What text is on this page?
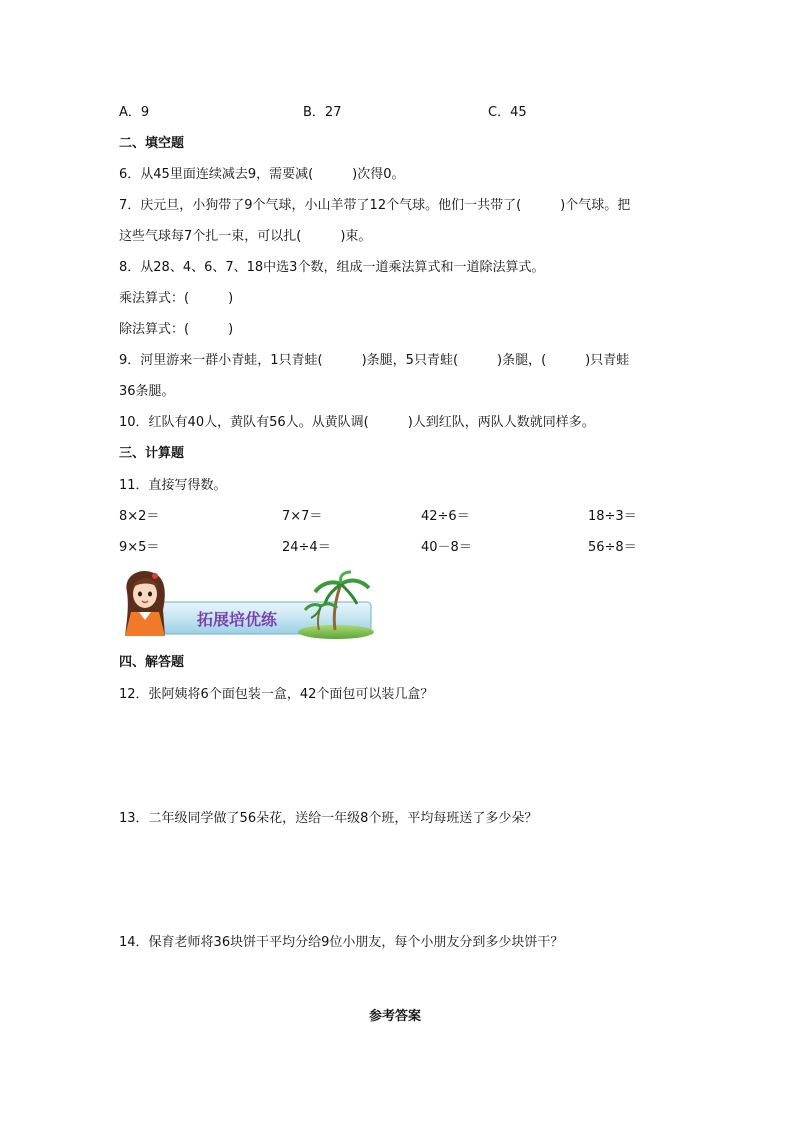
A．9	B．27	C．45
二、填空题
6．从45里面连续减去9，需要减(　　　)次得0。
7．庆元旦，小狗带了9个气球，小山羊带了12个气球。他们一共带了(　　　)个气球。把
这些气球每7个扎一束，可以扎(　　　)束。
8．从28、4、6、7、18中选3个数，组成一道乘法算式和一道除法算式。
乘法算式：(　　　)
除法算式：(　　　)
9．河里游来一群小青蛙，1只青蛙(　　　)条腿，5只青蛙(　　　)条腿，(　　　)只青蛙
36条腿。
10．红队有40人，黄队有56人。从黄队调(　　　)人到红队，两队人数就同样多。
三、计算题
11．直接写得数。
8×2＝	7×7＝	42÷6＝	18÷3＝
9×5＝	24÷4＝	40－8＝	56÷8＝
拓展培优练
四、解答题
12．张阿姨将6个面包装一盒，42个面包可以装几盒？
13．二年级同学做了56朵花，送给一年级8个班，平均每班送了多少朵？
14．保育老师将36块饼干平均分给9位小朋友，每个小朋友分到多少块饼干？
参考答案
